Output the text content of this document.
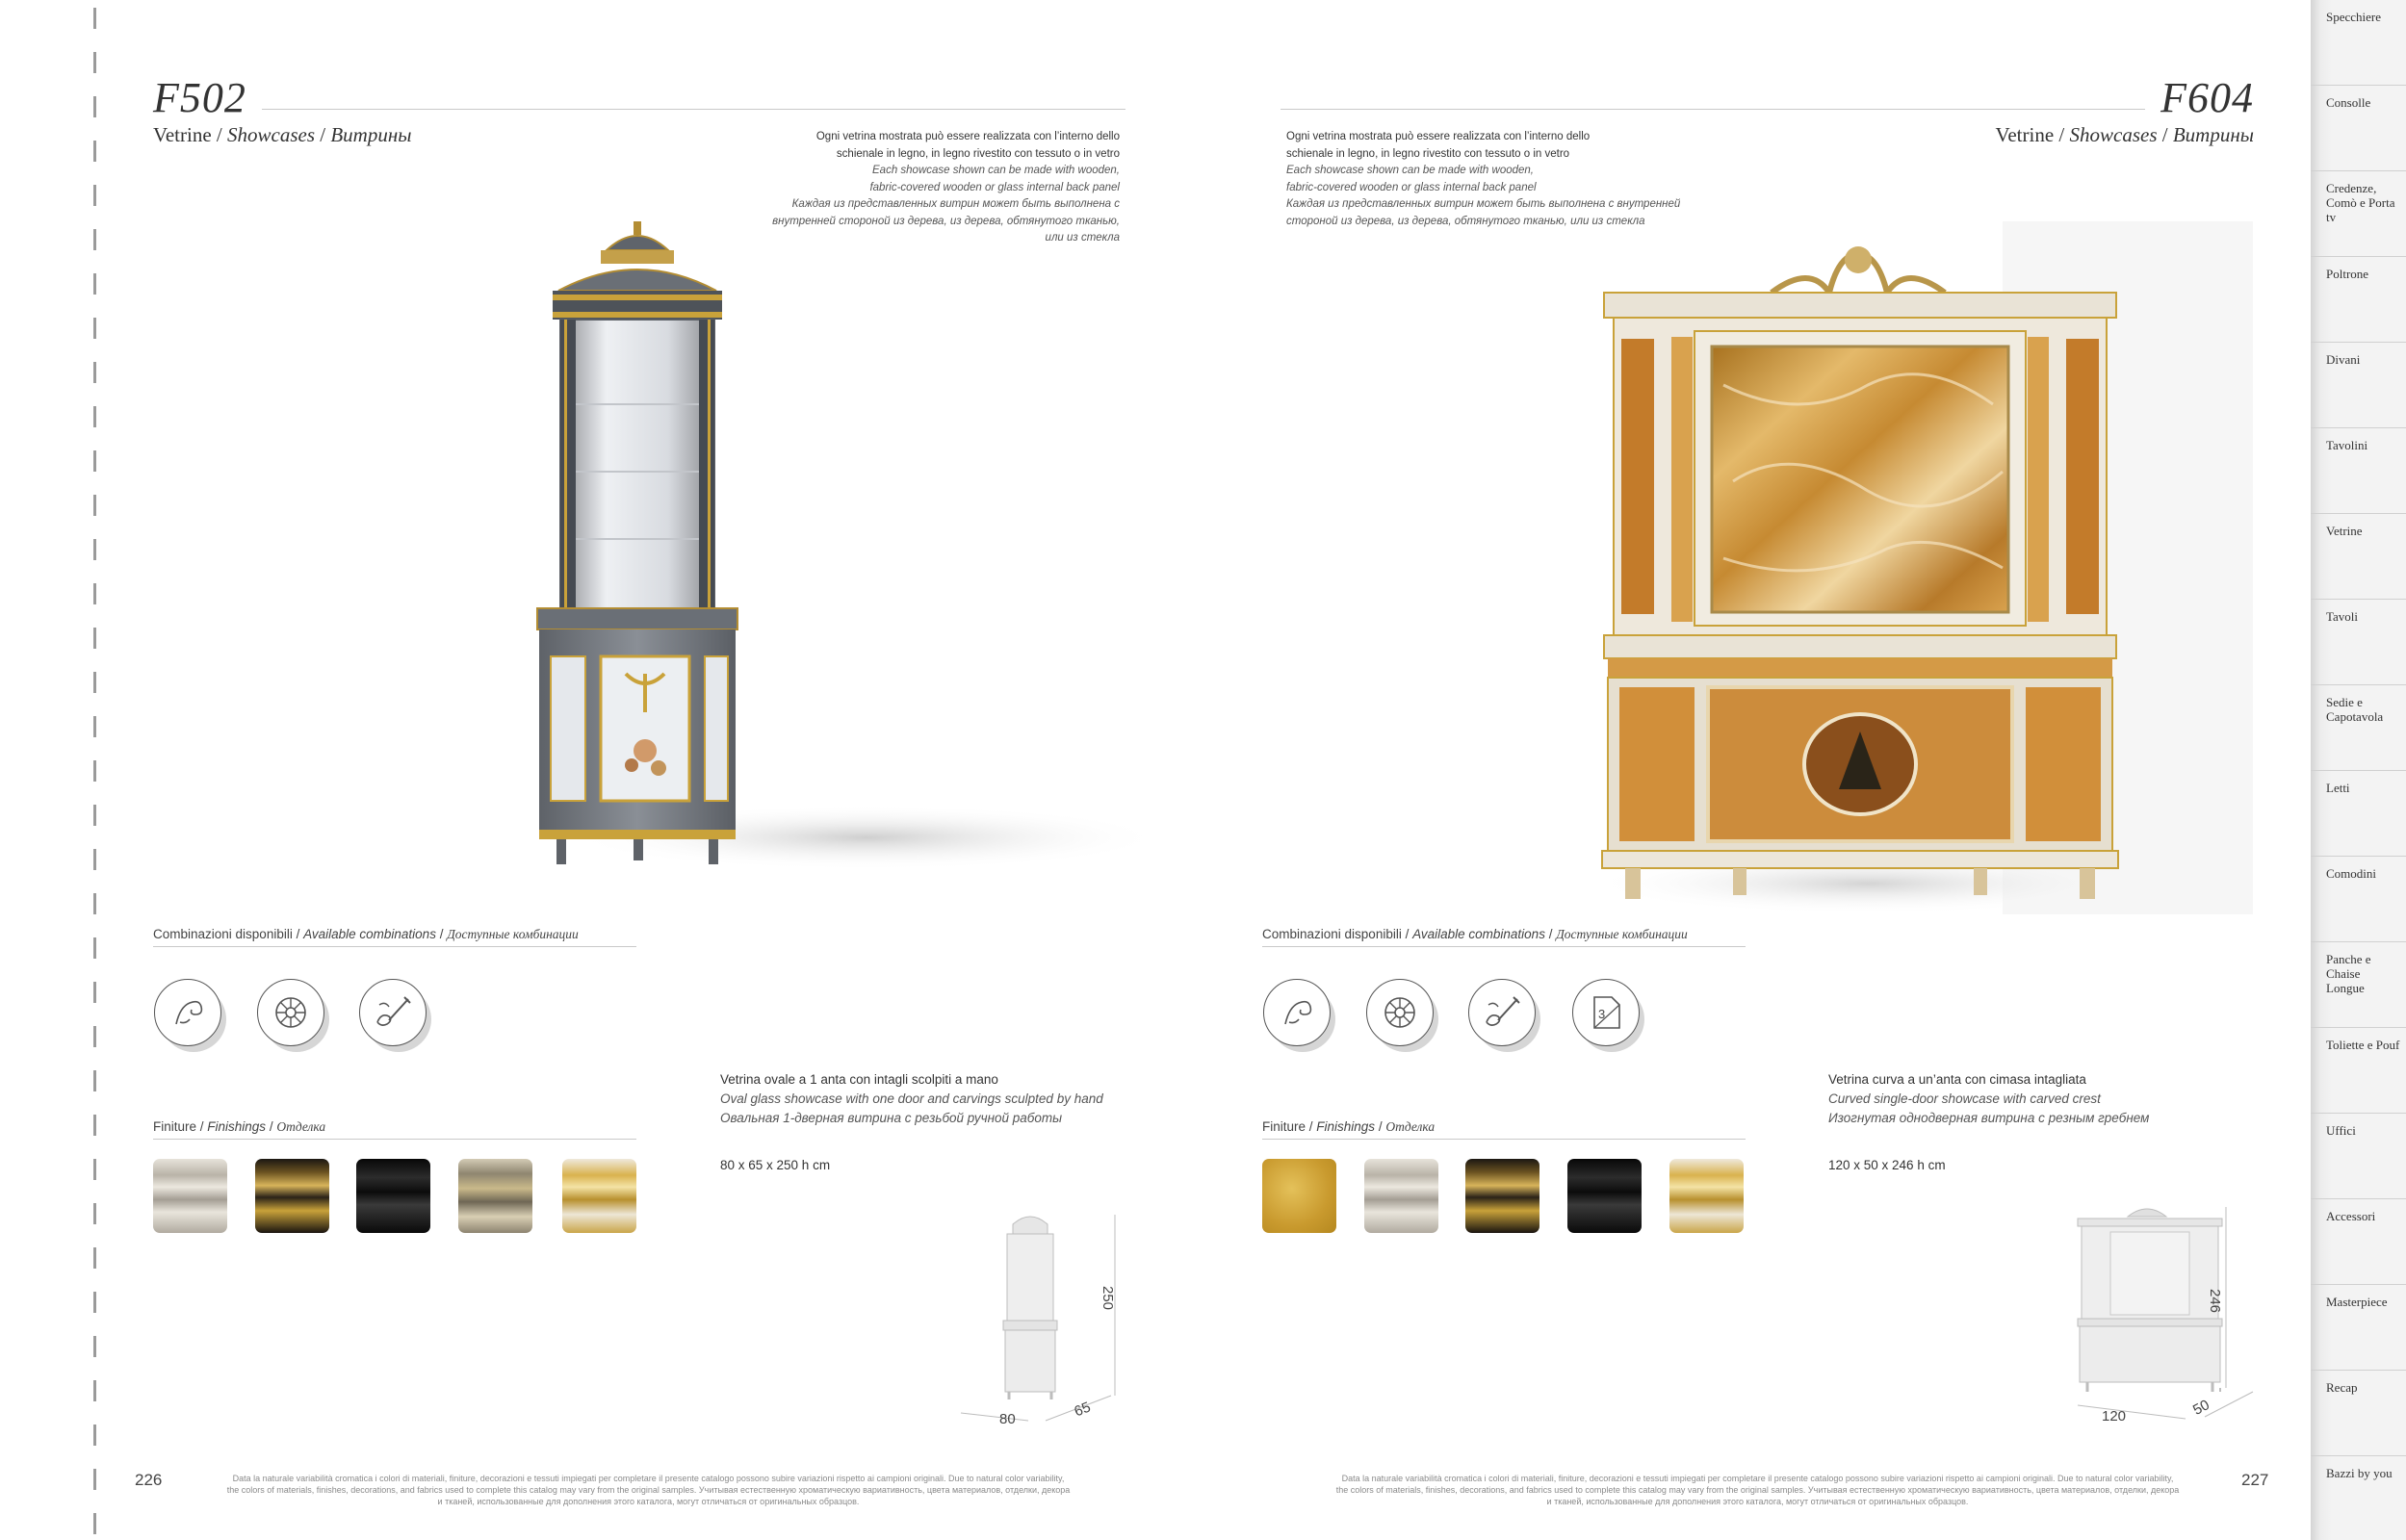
F502
Vetrine / Showcases / Витрины	Ogni vetrina mostrata può essere realizzata con l’interno dello
schienale in legno, in legno rivestito con tessuto o in vetro
Each showcase shown can be made with wooden,
fabric-covered wooden or glass internal back panel
Каждая из представленных витрин может быть выполнена с
внутренней стороной из дерева, из дерева, обтянутого тканью,
или из стекла
Combinazioni disponibili / Available combinations / Доступные комбинации
Finiture / Finishings / Отделка
Vetrina ovale a 1 anta con intagli scolpiti a mano
Oval glass showcase with one door and carvings sculpted by hand
Овальная 1-дверная витрина с резьбой ручной работы
80 x 65 x 250 h cm
250
80	65
226	Data la naturale variabilità cromatica i colori di materiali, finiture, decorazioni e tessuti impiegati per completare il presente catalogo possono subire variazioni rispetto ai campioni originali. Due to natural color variability,
the colors of materials, finishes, decorations, and fabrics used to complete this catalog may vary from the original samples. Учитывая естественную хроматическую вариативность, цвета материалов, отделки, декора
и тканей, использованные для дополнения этого каталога, могут отличаться от оригинальных образцов.
F604
Vetrine / Showcases / Витрины
Ogni vetrina mostrata può essere realizzata con l’interno dello
schienale in legno, in legno rivestito con tessuto o in vetro
Each showcase shown can be made with wooden,
fabric-covered wooden or glass internal back panel
Каждая из представленных витрин может быть выполнена с внутренней
стороной из дерева, из дерева, обтянутого тканью, или из стекла
Combinazioni disponibili / Available combinations / Доступные комбинации
3
Finiture / Finishings / Отделка
Vetrina curva a un’anta con cimasa intagliata
Curved single-door showcase with carved crest
Изогнутая однодверная витрина с резным гребнем
120 x 50 x 246 h cm
246
120	50
Data la naturale variabilità cromatica i colori di materiali, finiture, decorazioni e tessuti impiegati per completare il presente catalogo possono subire variazioni rispetto ai campioni originali. Due to natural color variability,
the colors of materials, finishes, decorations, and fabrics used to complete this catalog may vary from the original samples. Учитывая естественную хроматическую вариативность, цвета материалов, отделки, декора
и тканей, использованные для дополнения этого каталога, могут отличаться от оригинальных образцов.
227
Specchiere
Consolle
Credenze, Comò e Porta tv
Poltrone
Divani
Tavolini
Vetrine
Tavoli
Sedie e Capotavola
Letti
Comodini
Panche e Chaise Longue
Toliette e Pouf
Uffici
Accessori
Masterpiece
Recap
Bazzi by you
